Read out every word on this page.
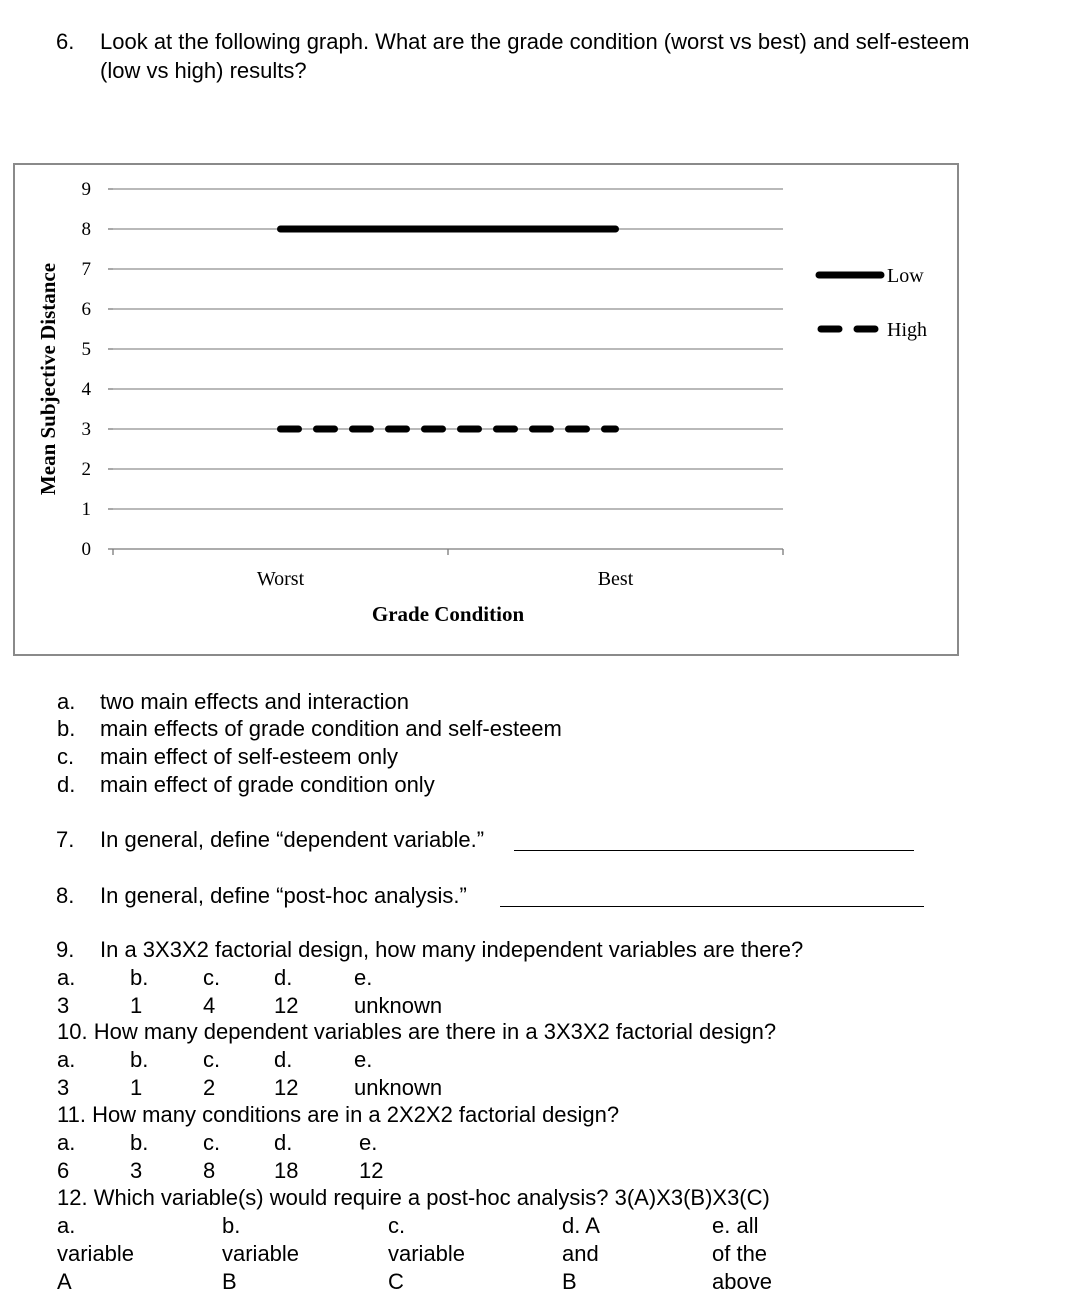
6. Look at the following graph. What are the grade condition (worst vs best) and self-esteem
(low vs high) results?
0
1
2
3
4
5
6
7
8
9
Worst	Best
Grade Condition
Mean Subjective Distance	Low
High
a. two main effects and interaction
b. main effects of grade condition and self-esteem
c. main effect of self-esteem only
d. main effect of grade condition only
7. In general, define “dependent variable.”
8. In general, define “post-hoc analysis.”
9. In a 3X3X2 factorial design, how many independent variables are there?
a. 3
b. 1
c. 4
d. 12
e. unknown
10. How many dependent variables are there in a 3X3X2 factorial design?
a. 3
b. 1
c. 2
d. 12
e. unknown
11. How many conditions are in a 2X2X2 factorial design?
a. 6
b. 3
c. 8
d. 18
e. 12
12. Which variable(s) would require a post-hoc analysis? 3(A)X3(B)X3(C)
a. variable A
b. variable B
c. variable C
d. A and B
e. all of the above
